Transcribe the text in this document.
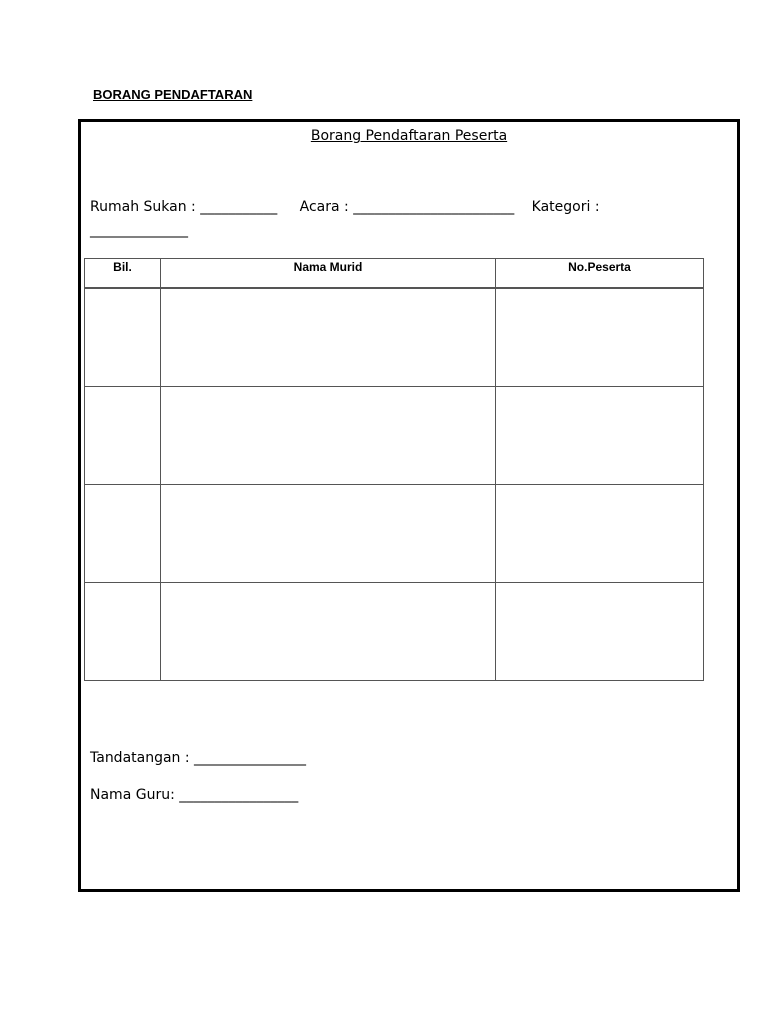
BORANG PENDAFTARAN
Borang Pendaftaran Peserta
Rumah Sukan : ___________ Acara : _______________________ Kategori :
______________
Bil.	Nama Murid	No.Peserta

Tandatangan : ________________
Nama Guru: _________________
